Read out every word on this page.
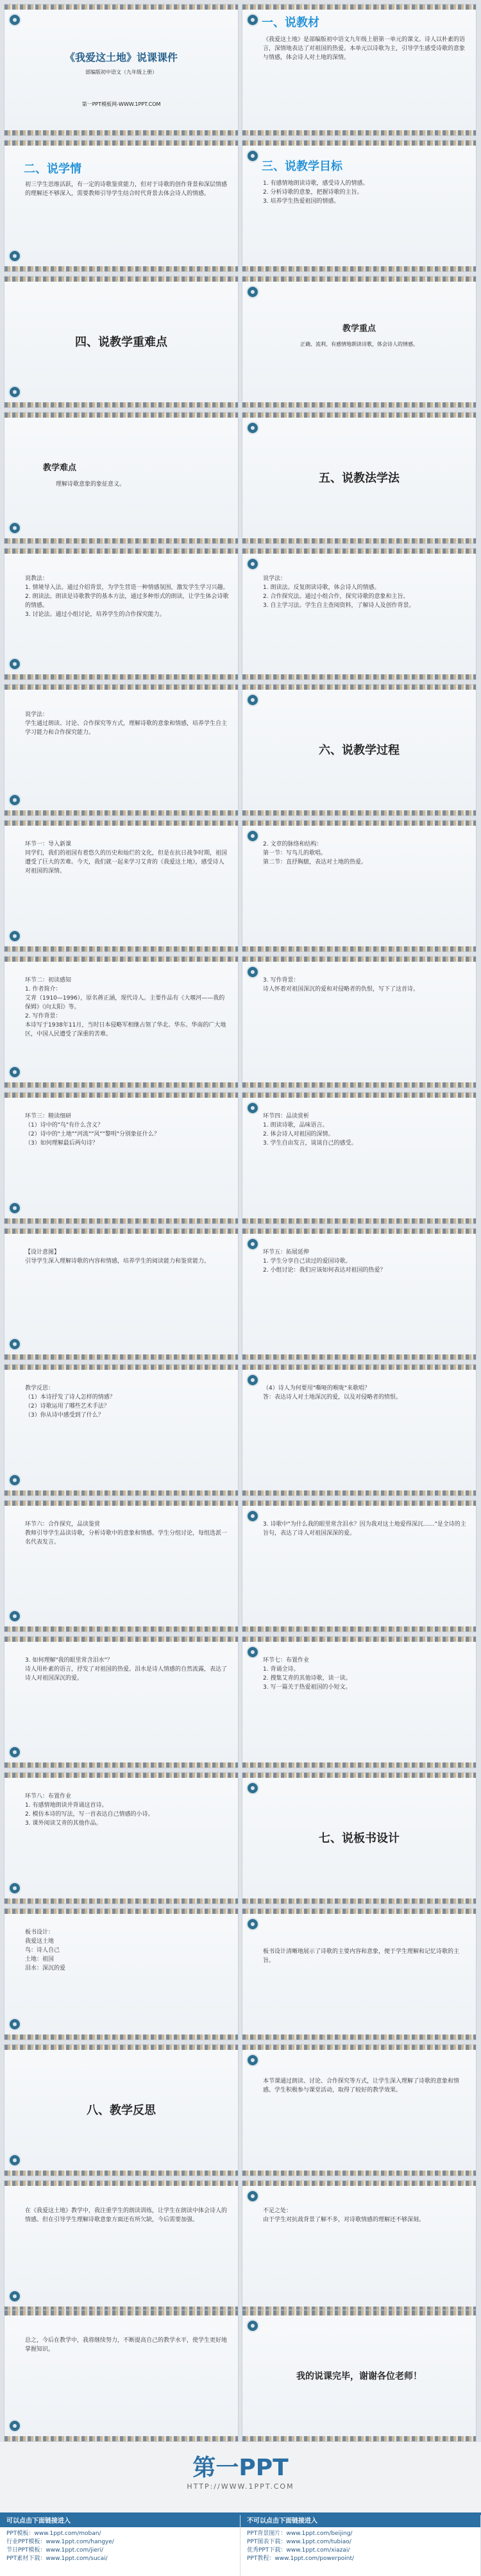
《我爱这土地》说课课件
部编版初中语文（九年级上册）
第一PPT模板网-WWW.1PPT.COM
一、说教材
《我爱这土地》是部编版初中语文九年级上册第一单元的课文。诗人以朴素的语言，深情地表达了对祖国的热爱。本单元以诗歌为主，引导学生感受诗歌的意象与情感，体会诗人对土地的深情。
二、说学情
初三学生思维活跃，有一定的诗歌鉴赏能力，但对于诗歌的创作背景和深层情感的理解还不够深入，需要教师引导学生结合时代背景去体会诗人的情感。
三、说教学目标
1. 有感情地朗读诗歌，感受诗人的情感。
2. 分析诗歌的意象，把握诗歌的主旨。
3. 培养学生热爱祖国的情感。
四、说教学重难点
教学重点
正确、流利、有感情地朗读诗歌，体会诗人的情感。
教学难点
理解诗歌意象的象征意义。	五、说教法学法
说教法：
1. 情境导入法。通过介绍背景，为学生营造一种情感氛围，激发学生学习兴趣。
2. 朗读法。朗读是诗歌教学的基本方法，通过多种形式的朗读，让学生体会诗歌的情感。
3. 讨论法。通过小组讨论，培养学生的合作探究能力。
说学法：
1. 朗读法。反复朗读诗歌，体会诗人的情感。
2. 合作探究法。通过小组合作，探究诗歌的意象和主旨。
3. 自主学习法。学生自主查阅资料，了解诗人及创作背景。
说学法：
学生通过朗读、讨论、合作探究等方式，理解诗歌的意象和情感，培养学生自主学习能力和合作探究能力。
六、说教学过程
环节一：导入新课
同学们，我们的祖国有着悠久的历史和灿烂的文化，但是在抗日战争时期，祖国遭受了巨大的苦难。今天，我们就一起来学习艾青的《我爱这土地》，感受诗人对祖国的深情。
2. 文章的脉络和结构：
第一节：写鸟儿的歌唱。
第二节：直抒胸臆，表达对土地的热爱。
环节二：初读感知
1. 作者简介：
艾青（1910—1996），原名蒋正涵，现代诗人。主要作品有《大堰河——我的保姆》《向太阳》等。
2. 写作背景：
本诗写于1938年11月，当时日本侵略军相继占领了华北、华东、华南的广大地区，中国人民遭受了深重的苦难。
3. 写作背景：
诗人怀着对祖国深沉的爱和对侵略者的仇恨，写下了这首诗。
环节三：精读细研
（1）诗中的"鸟"有什么含义？
（2）诗中的"土地""河流""风""黎明"分别象征什么？
（3）如何理解最后两句诗？
环节四：品读赏析
1. 朗读诗歌，品味语言。
2. 体会诗人对祖国的深情。
3. 学生自由发言，谈谈自己的感受。
【设计意图】
引导学生深入理解诗歌的内容和情感，培养学生的阅读能力和鉴赏能力。
环节五：拓展延伸
1. 学生分享自己读过的爱国诗歌。
2. 小组讨论：我们应该如何表达对祖国的热爱？
教学反思：
（1）本诗抒发了诗人怎样的情感？
（2）诗歌运用了哪些艺术手法？
（3）你从诗中感受到了什么？
（4）诗人为何要用"嘶哑的喉咙"来歌唱？
答：表达诗人对土地深沉的爱，以及对侵略者的愤恨。
环节六：合作探究，品读鉴赏
教师引导学生品读诗歌，分析诗歌中的意象和情感。学生分组讨论，每组选派一名代表发言。
3. 诗歌中"为什么我的眼里常含泪水？因为我对这土地爱得深沉……"是全诗的主旨句，表达了诗人对祖国深深的爱。
3. 如何理解"我的眼里常含泪水"？
诗人用朴素的语言，抒发了对祖国的热爱。泪水是诗人情感的自然流露，表达了诗人对祖国深沉的爱。
环节七：布置作业
1. 背诵全诗。
2. 搜集艾青的其他诗歌，读一读。
3. 写一篇关于热爱祖国的小短文。
环节八：布置作业
1. 有感情地朗读并背诵这首诗。
2. 模仿本诗的写法，写一首表达自己情感的小诗。
3. 课外阅读艾青的其他作品。
七、说板书设计
板书设计：
我爱这土地
鸟：诗人自己
土地：祖国
泪水：深沉的爱
板书设计清晰地展示了诗歌的主要内容和意象，便于学生理解和记忆诗歌的主旨。
八、教学反思
本节课通过朗读、讨论、合作探究等方式，让学生深入理解了诗歌的意象和情感。学生积极参与课堂活动，取得了较好的教学效果。
在《我爱这土地》教学中，我注重学生的朗读训练，让学生在朗读中体会诗人的情感。但在引导学生理解诗歌意象方面还有所欠缺，今后需要加强。
不足之处：
由于学生对抗战背景了解不多，对诗歌情感的理解还不够深刻。
总之，今后在教学中，我将继续努力，不断提高自己的教学水平，使学生更好地掌握知识。
我的说课完毕，谢谢各位老师！
第一PPT
HTTP://WWW.1PPT.COM
可以点击下面链接进入
PPT模板：www.1ppt.com/moban/
行业PPT模板：www.1ppt.com/hangye/
节日PPT模板：www.1ppt.com/jieri/
PPT素材下载：www.1ppt.com/sucai/
不可以点击下面链接进入
PPT背景图片：www.1ppt.com/beijing/
PPT图表下载：www.1ppt.com/tubiao/
优秀PPT下载：www.1ppt.com/xiazai/
PPT教程：www.1ppt.com/powerpoint/
